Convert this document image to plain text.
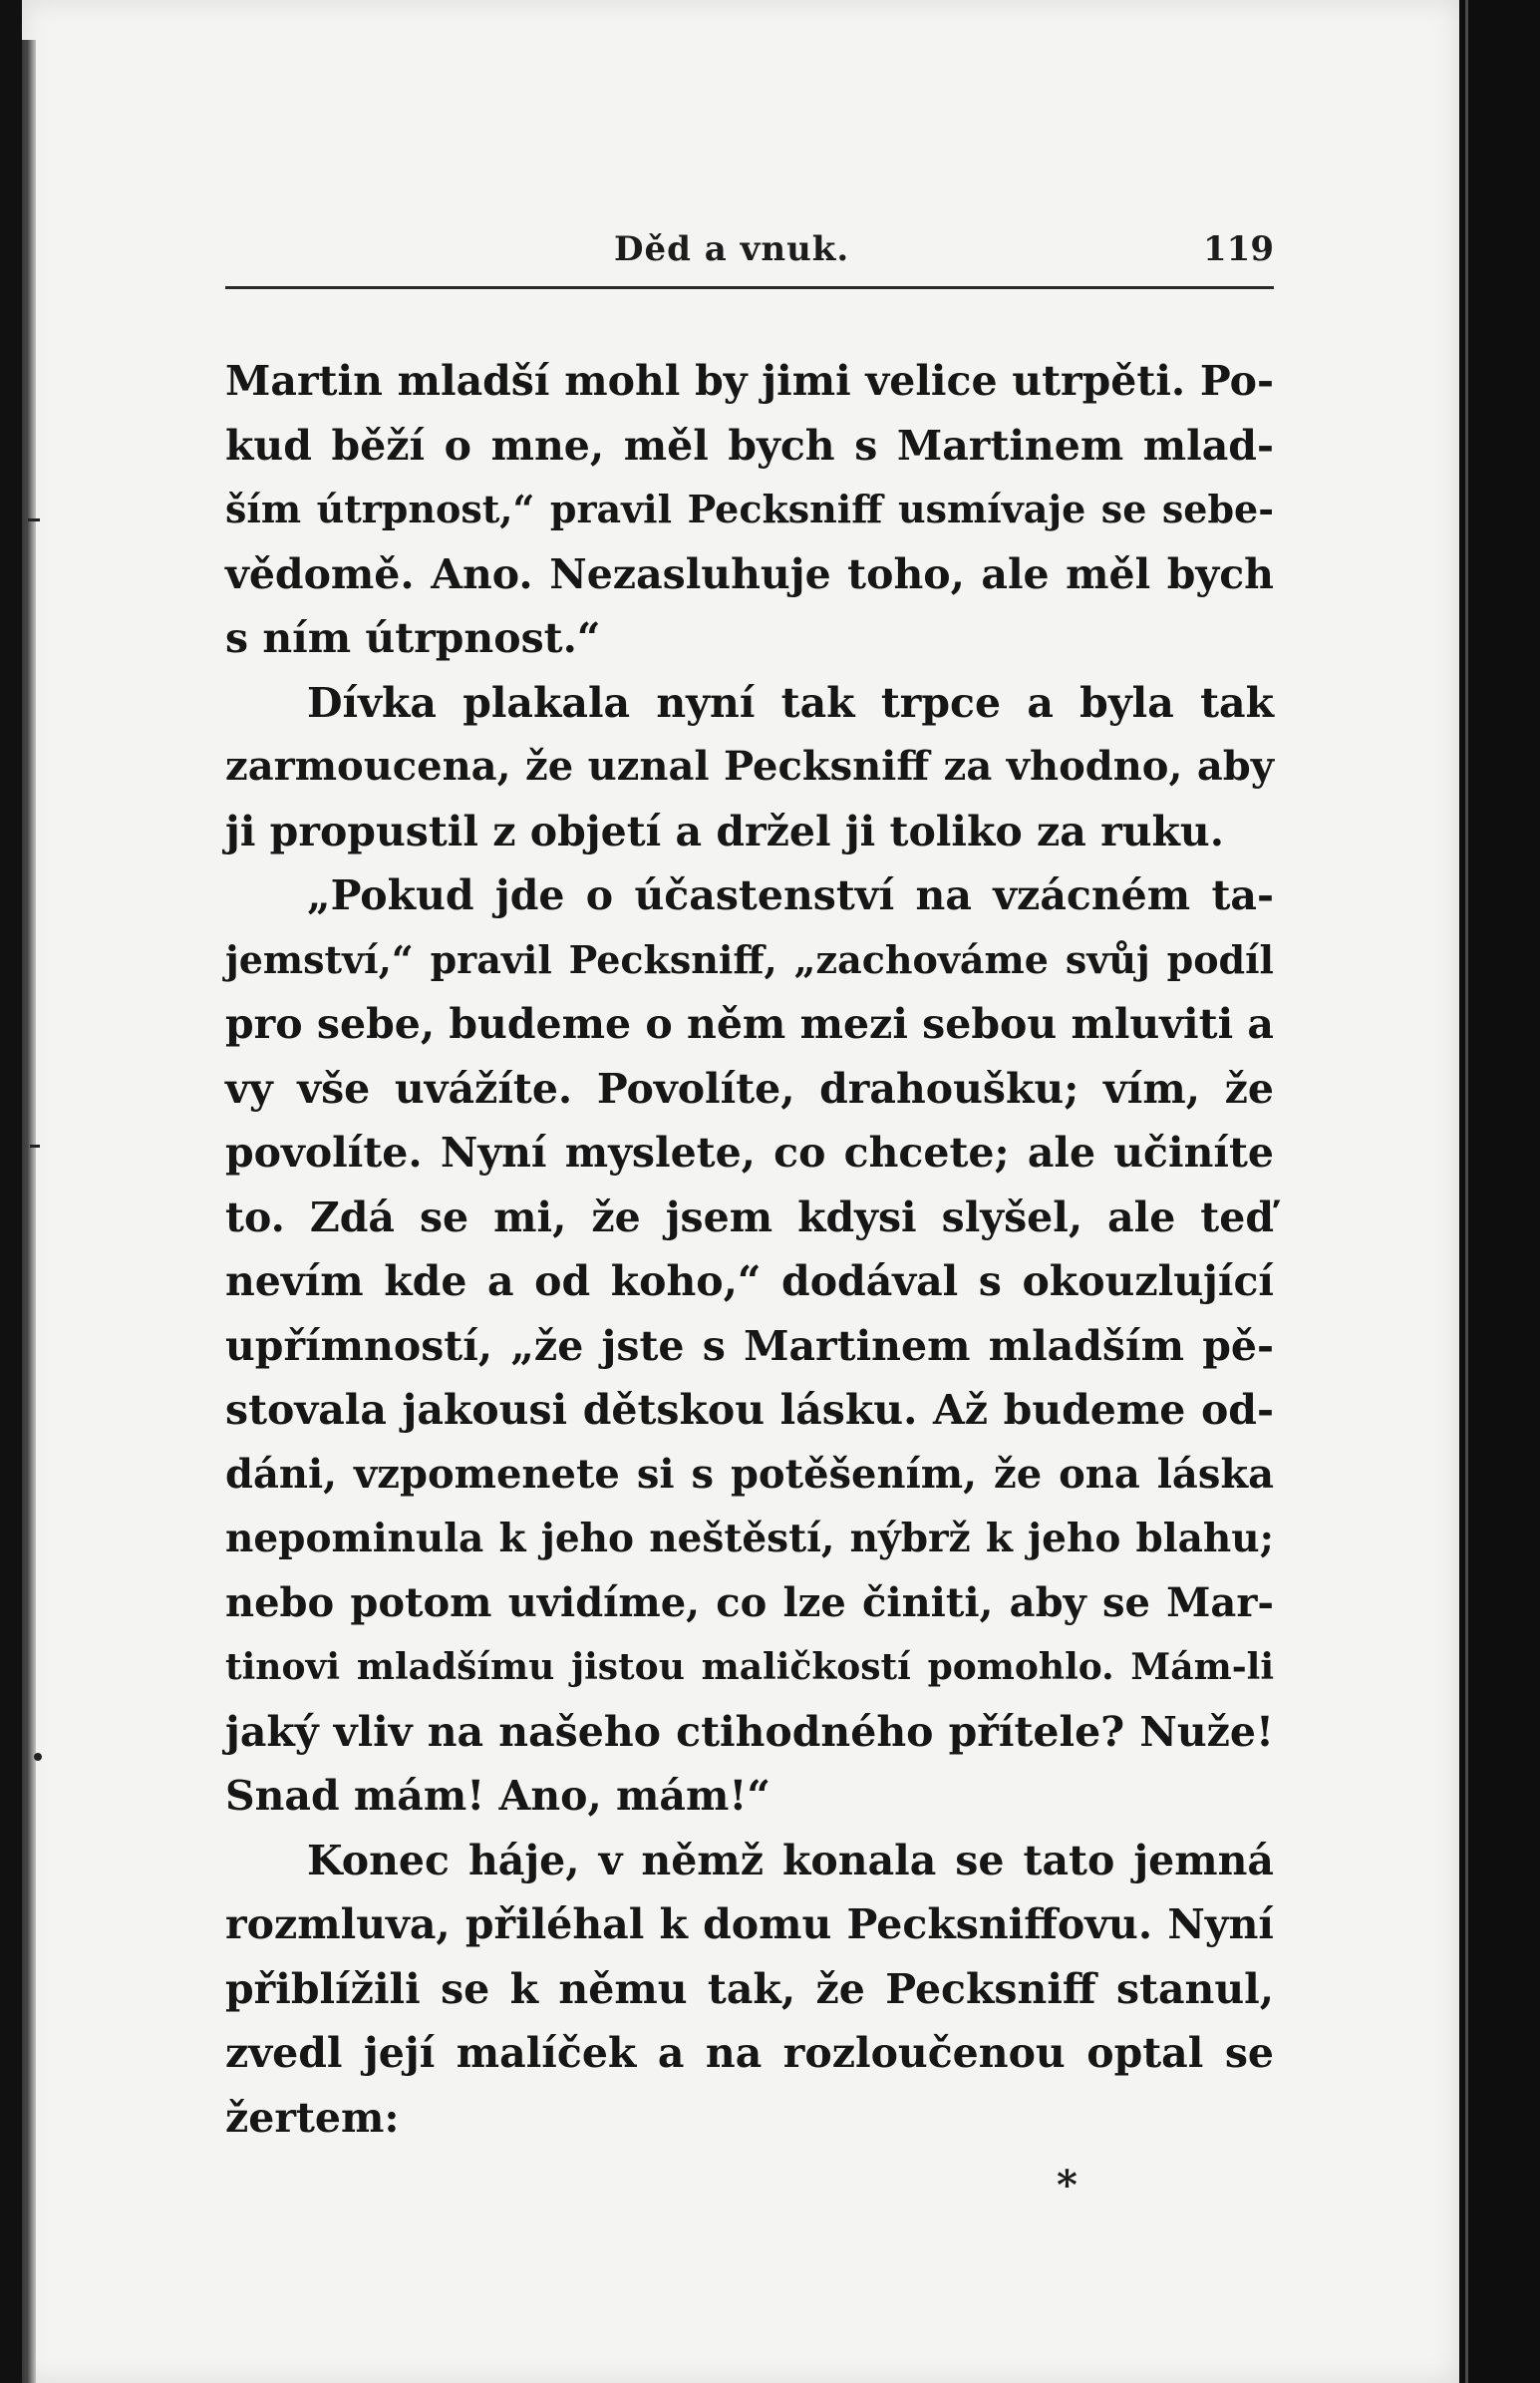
Děd a vnuk.	119
Martin mladší mohl by jimi velice utrpěti. Po-
kud běží o mne, měl bych s Martinem mlad-
ším útrpnost,“ pravil Pecksniff usmívaje se sebe-
vědomě. Ano. Nezasluhuje toho, ale měl bych
s ním útrpnost.“
Dívka plakala nyní tak trpce a byla tak
zarmoucena, že uznal Pecksniff za vhodno, aby
ji propustil z objetí a držel ji toliko za ruku.
„Pokud jde o účastenství na vzácném ta-
jemství,“ pravil Pecksniff, „zachováme svůj podíl
pro sebe, budeme o něm mezi sebou mluviti a
vy vše uvážíte. Povolíte, drahoušku; vím, že
povolíte. Nyní myslete, co chcete; ale učiníte
to. Zdá se mi, že jsem kdysi slyšel, ale teď
nevím kde a od koho,“ dodával s okouzlující
upřímností, „že jste s Martinem mladším pě-
stovala jakousi dětskou lásku. Až budeme od-
dáni, vzpomenete si s potěšením, že ona láska
nepominula k jeho neštěstí, nýbrž k jeho blahu;
nebo potom uvidíme, co lze činiti, aby se Mar-
tinovi mladšímu jistou maličkostí pomohlo. Mám-li
jaký vliv na našeho ctihodného přítele? Nuže!
Snad mám! Ano, mám!“
Konec háje, v němž konala se tato jemná
rozmluva, přiléhal k domu Pecksniffovu. Nyní
přiblížili se k němu tak, že Pecksniff stanul,
zvedl její malíček a na rozloučenou optal se
žertem:
*
